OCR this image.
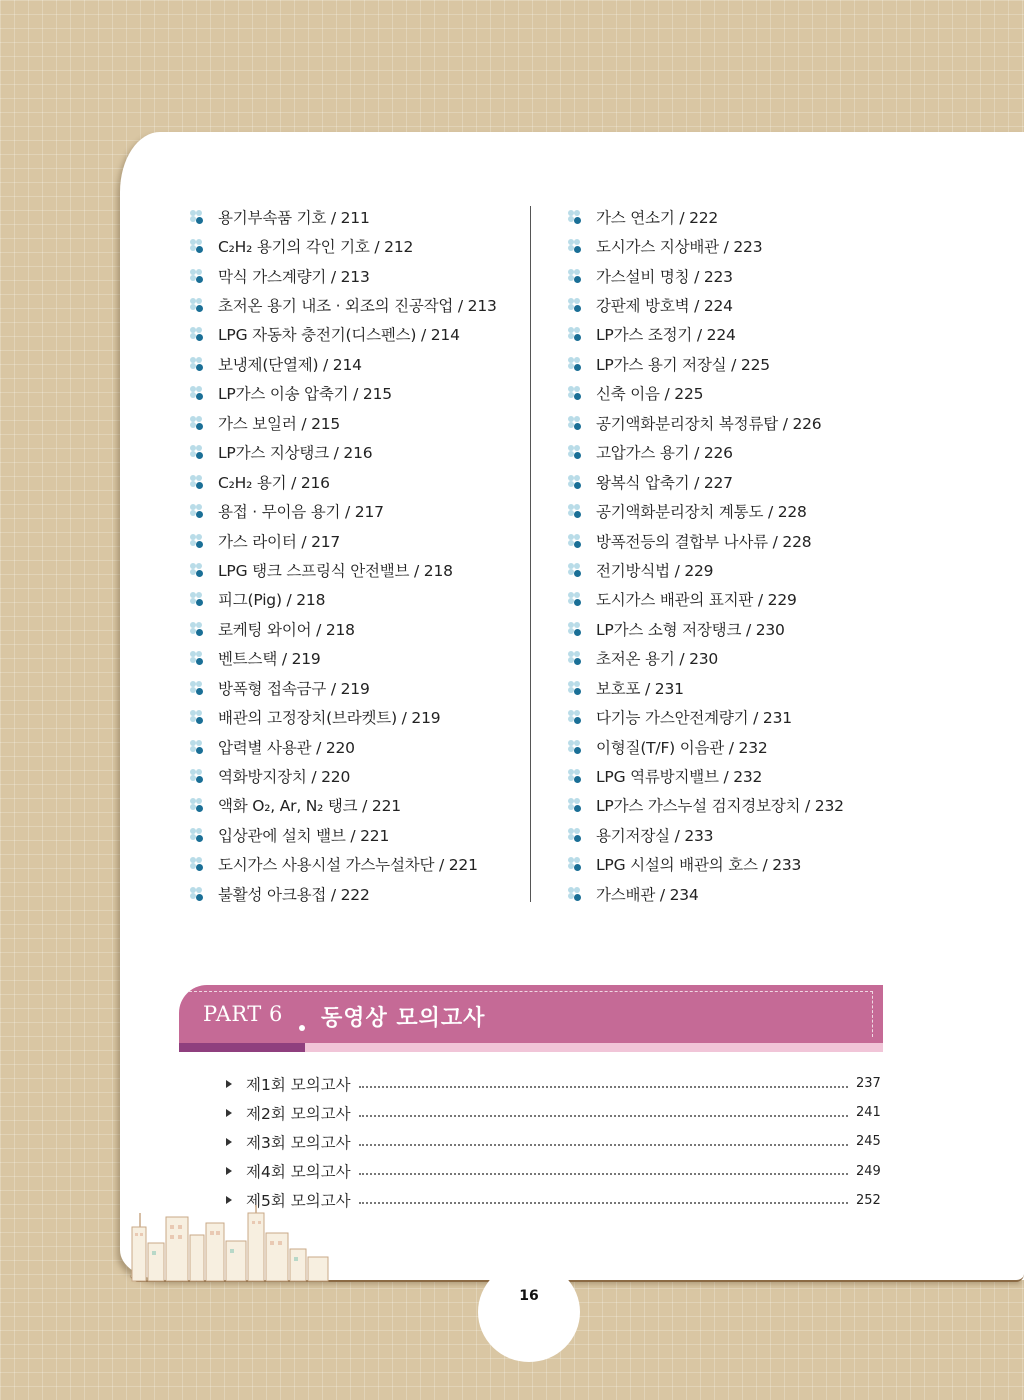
용기부속품 기호 / 211
C₂H₂ 용기의 각인 기호 / 212
막식 가스계량기 / 213
초저온 용기 내조 · 외조의 진공작업 / 213
LPG 자동차 충전기(디스펜스) / 214
보냉제(단열제) / 214
LP가스 이송 압축기 / 215
가스 보일러 / 215
LP가스 지상탱크 / 216
C₂H₂ 용기 / 216
용접 · 무이음 용기 / 217
가스 라이터 / 217
LPG 탱크 스프링식 안전밸브 / 218
피그(Pig) / 218
로케팅 와이어 / 218
벤트스택 / 219
방폭형 접속금구 / 219
배관의 고정장치(브라켓트) / 219
압력별 사용관 / 220
역화방지장치 / 220
액화 O₂, Ar, N₂ 탱크 / 221
입상관에 설치 밸브 / 221
도시가스 사용시설 가스누설차단 / 221
불활성 아크용접 / 222
가스 연소기 / 222
도시가스 지상배관 / 223
가스설비 명칭 / 223
강판제 방호벽 / 224
LP가스 조정기 / 224
LP가스 용기 저장실 / 225
신축 이음 / 225
공기액화분리장치 복정류탑 / 226
고압가스 용기 / 226
왕복식 압축기 / 227
공기액화분리장치 계통도 / 228
방폭전등의 결합부 나사류 / 228
전기방식법 / 229
도시가스 배관의 표지판 / 229
LP가스 소형 저장탱크 / 230
초저온 용기 / 230
보호포 / 231
다기능 가스안전계량기 / 231
이형질(T/F) 이음관 / 232
LPG 역류방지밸브 / 232
LP가스 가스누설 검지경보장치 / 232
용기저장실 / 233
LPG 시설의 배관의 호스 / 233
가스배관 / 234
PART 6 동영상 모의고사
제1회 모의고사	237
제2회 모의고사	241
제3회 모의고사	245
제4회 모의고사	249
제5회 모의고사	252
16
